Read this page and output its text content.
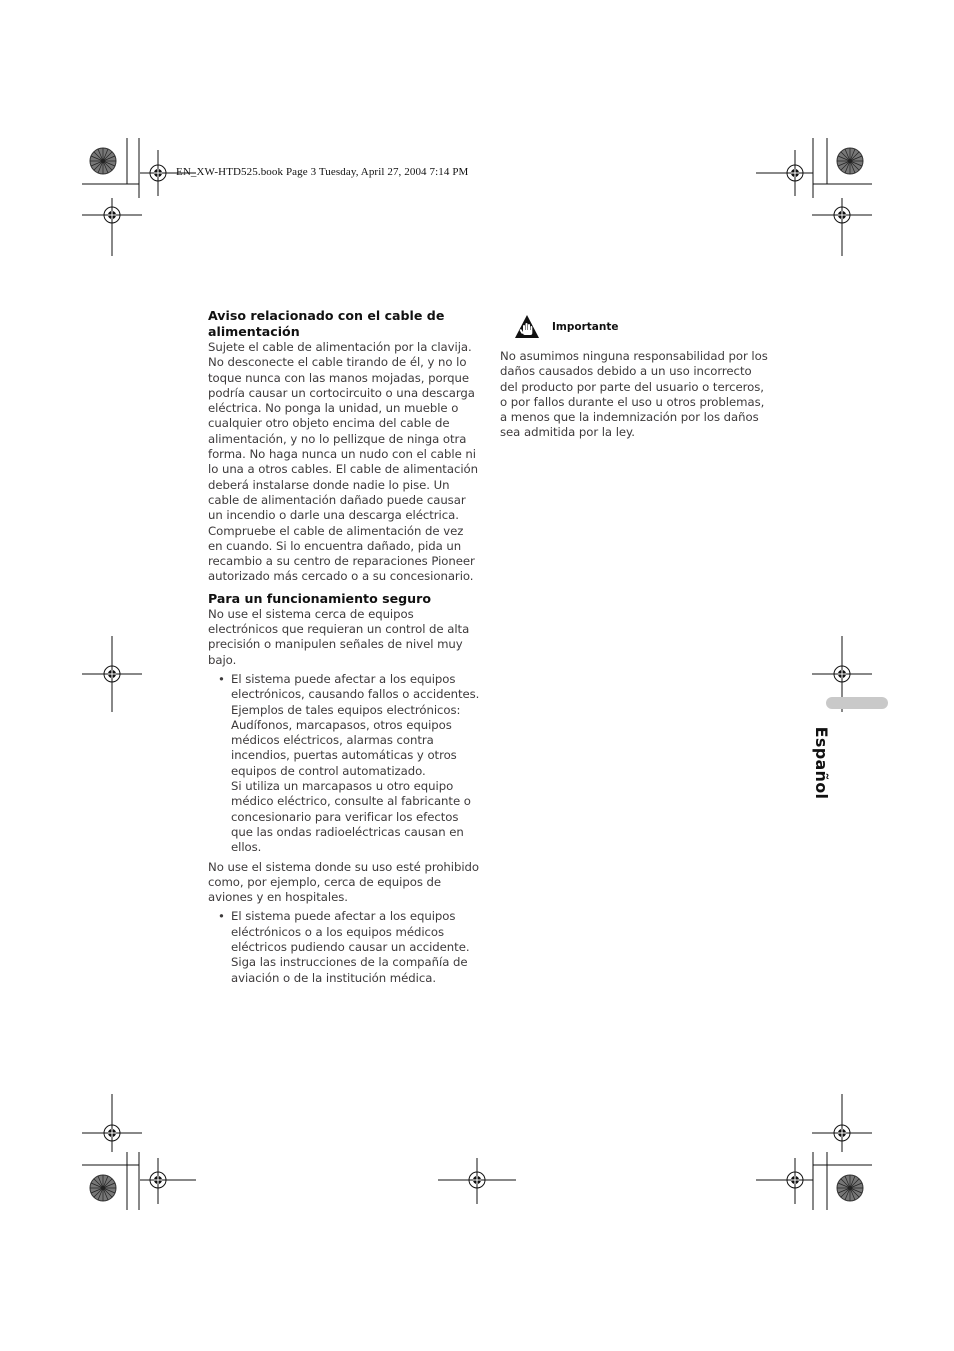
EN_XW-HTD525.book Page 3 Tuesday, April 27, 2004 7:14 PM
Aviso relacionado con el cable de alimentación

Sujete el cable de alimentación por la clavija. No desconecte el cable tirando de él, y no lo toque nunca con las manos mojadas, porque podría causar un cortocircuito o una descarga eléctrica. No ponga la unidad, un mueble o cualquier otro objeto encima del cable de alimentación, y no lo pellizque de ninga otra forma. No haga nunca un nudo con el cable ni lo una a otros cables. El cable de alimentación deberá instalarse donde nadie lo pise. Un cable de alimentación dañado puede causar un incendio o darle una descarga eléctrica. Compruebe el cable de alimentación de vez en cuando. Si lo encuentra dañado, pida un recambio a su centro de reparaciones Pioneer autorizado más cercado o a su concesionario.

Para un funcionamiento seguro

No use el sistema cerca de equipos electrónicos que requieran un control de alta precisión o manipulen señales de nivel muy bajo.

• El sistema puede afectar a los equipos electrónicos, causando fallos o accidentes. Ejemplos de tales equipos electrónicos:
Audífonos, marcapasos, otros equipos médicos eléctricos, alarmas contra incendios, puertas automáticas y otros equipos de control automatizado.
Si utiliza un marcapasos u otro equipo médico eléctrico, consulte al fabricante o concesionario para verificar los efectos que las ondas radioeléctricas causan en ellos.

No use el sistema donde su uso esté prohibido como, por ejemplo, cerca de equipos de aviones y en hospitales.

• El sistema puede afectar a los equipos eléctrónicos o a los equipos médicos eléctricos pudiendo causar un accidente. Siga las instrucciones de la compañía de aviación o de la institución médica.
Importante

No asumimos ninguna responsabilidad por los daños causados debido a un uso incorrecto del producto por parte del usuario o terceros, o por fallos durante el uso u otros problemas, a menos que la indemnización por los daños sea admitida por la ley.

Español
